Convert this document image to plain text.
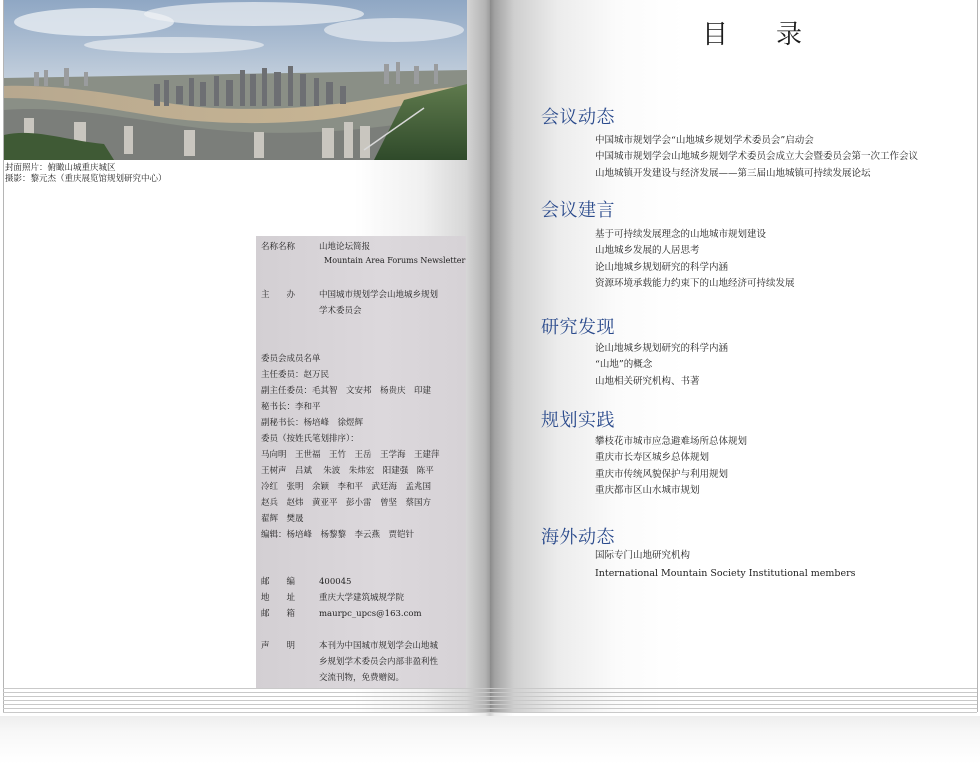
封面照片：俯瞰山城重庆城区
摄影：黎元杰（重庆展览馆规划研究中心）
名称名称	山地论坛简报
Mountain Area Forums Newsletter
主　　办	中国城市规划学会山地城乡规划
学术委员会
委员会成员名单
主任委员：赵万民
副主任委员：毛其智　文安邦　杨贵庆　印建
秘书长：李和平
副秘书长：杨培峰　徐煜辉
委员（按姓氏笔划排序）：
马向明　王世福　王竹　王岳　王学海　王建萍
王树声　吕斌　 朱波　朱炜宏　阳建强　陈平
冷红　张明　余颖　李和平　武廷海　孟兆国
赵兵　赵炜　黄亚平　彭小雷　曾坚　蔡国方
翟辉　樊晟
编辑：杨培峰　杨黎黎　李云燕　贾铠针
邮　　编	400045
地　　址	重庆大学建筑城规学院
邮　　箱	maurpc_upcs@163.com
声　　明	本刊为中国城市规划学会山地城
乡规划学术委员会内部非盈利性
交流刊物，免费赠阅。
目 录
会议动态
中国城市规划学会“山地城乡规划学术委员会”启动会
中国城市规划学会山地城乡规划学术委员会成立大会暨委员会第一次工作会议
山地城镇开发建设与经济发展——第三届山地城镇可持续发展论坛
会议建言
基于可持续发展理念的山地城市规划建设
山地城乡发展的人居思考
论山地城乡规划研究的科学内涵
资源环境承载能力约束下的山地经济可持续发展
研究发现
论山地城乡规划研究的科学内涵
“山地”的概念
山地相关研究机构、书著
规划实践
攀枝花市城市应急避难场所总体规划
重庆市长寿区城乡总体规划
重庆市传统风貌保护与利用规划
重庆都市区山水城市规划
海外动态
国际专门山地研究机构
International Mountain Society Institutional members
